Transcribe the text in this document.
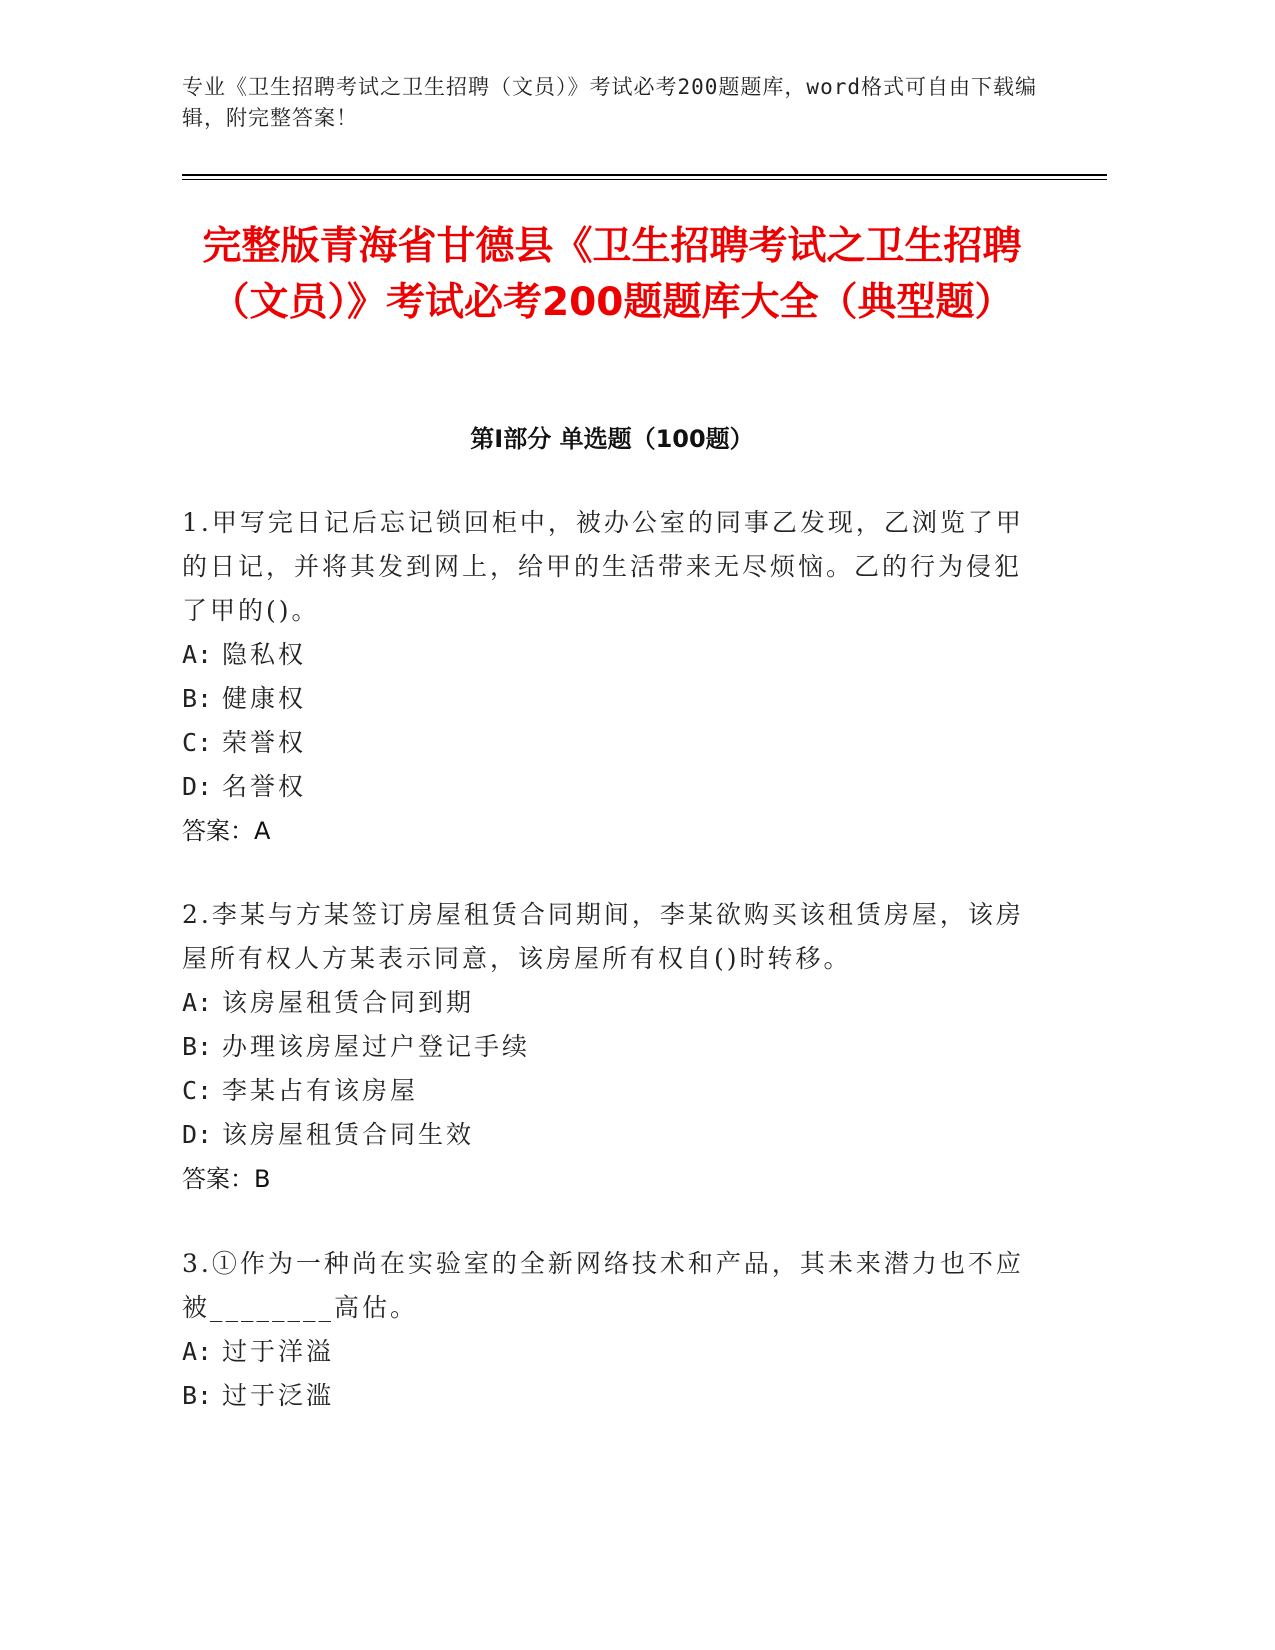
专业《卫生招聘考试之卫生招聘（文员）》考试必考200题题库，word格式可自由下载编辑，附完整答案！
完整版青海省甘德县《卫生招聘考试之卫生招聘（文员）》考试必考200题题库大全（典型题）
第Ⅰ部分 单选题（100题）
1.甲写完日记后忘记锁回柜中，被办公室的同事乙发现，乙浏览了甲的日记，并将其发到网上，给甲的生活带来无尽烦恼。乙的行为侵犯了甲的()。
A: 隐私权
B: 健康权
C: 荣誉权
D: 名誉权
答案：A
2.李某与方某签订房屋租赁合同期间，李某欲购买该租赁房屋，该房屋所有权人方某表示同意，该房屋所有权自()时转移。
A: 该房屋租赁合同到期
B: 办理该房屋过户登记手续
C: 李某占有该房屋
D: 该房屋租赁合同生效
答案：B
3.①作为一种尚在实验室的全新网络技术和产品，其未来潜力也不应被________高估。
A: 过于洋溢
B: 过于泛滥
